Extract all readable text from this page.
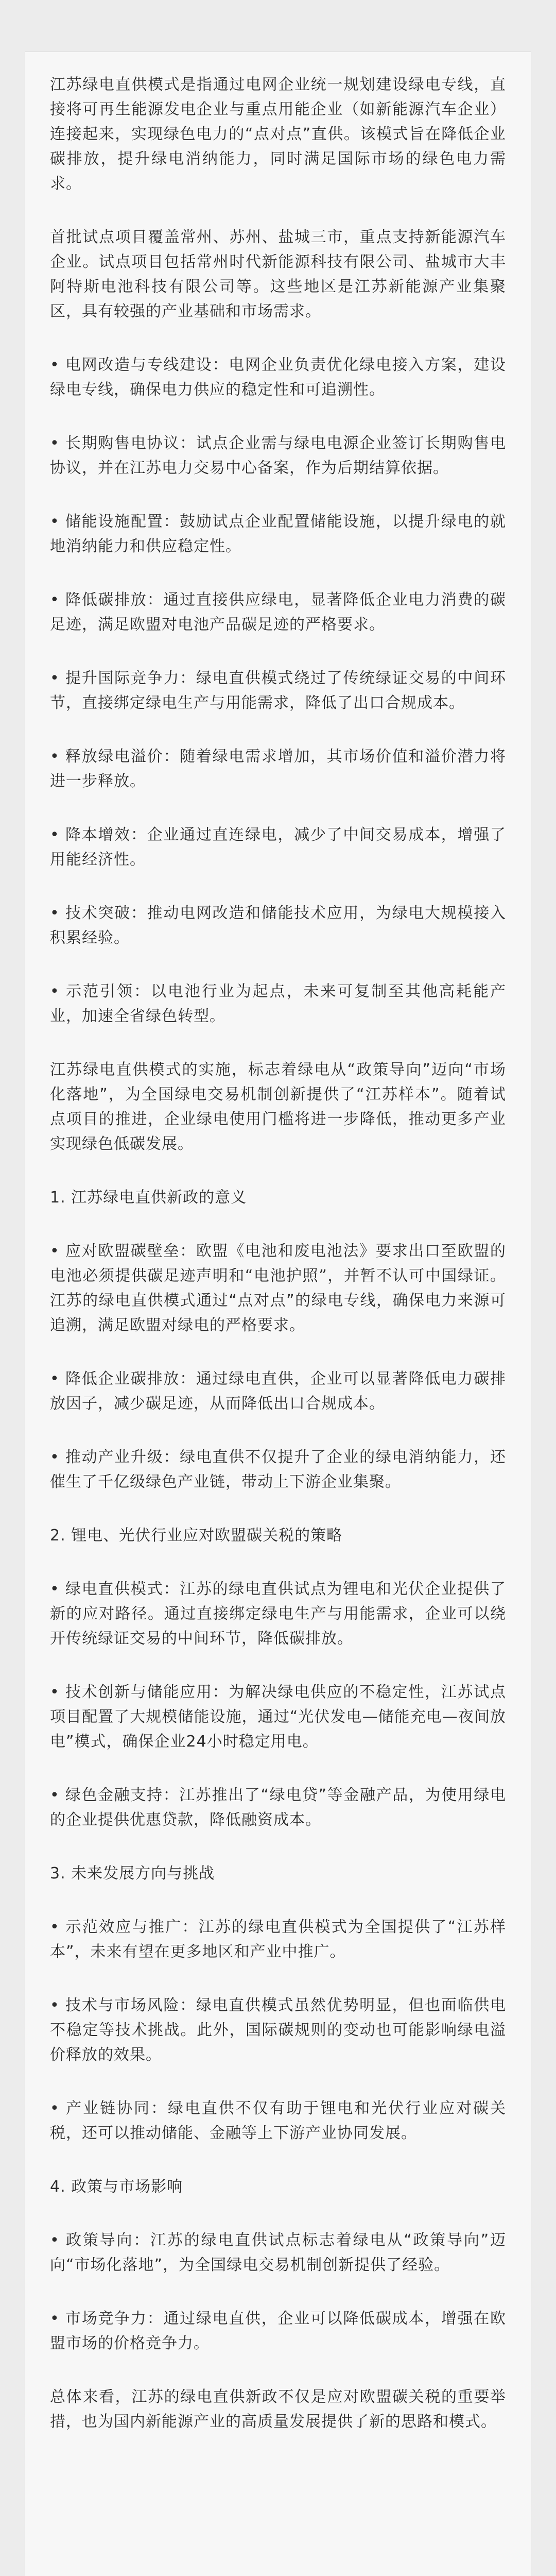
江苏绿电直供模式是指通过电网企业统一规划建设绿电专线，直接将可再生能源发电企业与重点用能企业（如新能源汽车企业）连接起来，实现绿色电力的“点对点”直供。该模式旨在降低企业碳排放，提升绿电消纳能力，同时满足国际市场的绿色电力需求。

首批试点项目覆盖常州、苏州、盐城三市，重点支持新能源汽车企业。试点项目包括常州时代新能源科技有限公司、盐城市大丰阿特斯电池科技有限公司等。这些地区是江苏新能源产业集聚区，具有较强的产业基础和市场需求。

• 电网改造与专线建设：电网企业负责优化绿电接入方案，建设绿电专线，确保电力供应的稳定性和可追溯性。

• 长期购售电协议：试点企业需与绿电电源企业签订长期购售电协议，并在江苏电力交易中心备案，作为后期结算依据。

• 储能设施配置：鼓励试点企业配置储能设施，以提升绿电的就地消纳能力和供应稳定性。

• 降低碳排放：通过直接供应绿电，显著降低企业电力消费的碳足迹，满足欧盟对电池产品碳足迹的严格要求。

• 提升国际竞争力：绿电直供模式绕过了传统绿证交易的中间环节，直接绑定绿电生产与用能需求，降低了出口合规成本。

• 释放绿电溢价：随着绿电需求增加，其市场价值和溢价潜力将进一步释放。

• 降本增效：企业通过直连绿电，减少了中间交易成本，增强了用能经济性。

• 技术突破：推动电网改造和储能技术应用，为绿电大规模接入积累经验。

• 示范引领：以电池行业为起点，未来可复制至其他高耗能产业，加速全省绿色转型。

江苏绿电直供模式的实施，标志着绿电从“政策导向”迈向“市场化落地”，为全国绿电交易机制创新提供了“江苏样本”。随着试点项目的推进，企业绿电使用门槛将进一步降低，推动更多产业实现绿色低碳发展。

1. 江苏绿电直供新政的意义

• 应对欧盟碳壁垒：欧盟《电池和废电池法》要求出口至欧盟的电池必须提供碳足迹声明和“电池护照”，并暂不认可中国绿证。江苏的绿电直供模式通过“点对点”的绿电专线，确保电力来源可追溯，满足欧盟对绿电的严格要求。

• 降低企业碳排放：通过绿电直供，企业可以显著降低电力碳排放因子，减少碳足迹，从而降低出口合规成本。

• 推动产业升级：绿电直供不仅提升了企业的绿电消纳能力，还催生了千亿级绿色产业链，带动上下游企业集聚。

2. 锂电、光伏行业应对欧盟碳关税的策略

• 绿电直供模式：江苏的绿电直供试点为锂电和光伏企业提供了新的应对路径。通过直接绑定绿电生产与用能需求，企业可以绕开传统绿证交易的中间环节，降低碳排放。

• 技术创新与储能应用：为解决绿电供应的不稳定性，江苏试点项目配置了大规模储能设施，通过“光伏发电—储能充电—夜间放电”模式，确保企业24小时稳定用电。

• 绿色金融支持：江苏推出了“绿电贷”等金融产品，为使用绿电的企业提供优惠贷款，降低融资成本。

3. 未来发展方向与挑战

• 示范效应与推广：江苏的绿电直供模式为全国提供了“江苏样本”，未来有望在更多地区和产业中推广。

• 技术与市场风险：绿电直供模式虽然优势明显，但也面临供电不稳定等技术挑战。此外，国际碳规则的变动也可能影响绿电溢价释放的效果。

• 产业链协同：绿电直供不仅有助于锂电和光伏行业应对碳关税，还可以推动储能、金融等上下游产业协同发展。

4. 政策与市场影响

• 政策导向：江苏的绿电直供试点标志着绿电从“政策导向”迈向“市场化落地”，为全国绿电交易机制创新提供了经验。

• 市场竞争力：通过绿电直供，企业可以降低碳成本，增强在欧盟市场的价格竞争力。

总体来看，江苏的绿电直供新政不仅是应对欧盟碳关税的重要举措，也为国内新能源产业的高质量发展提供了新的思路和模式。
